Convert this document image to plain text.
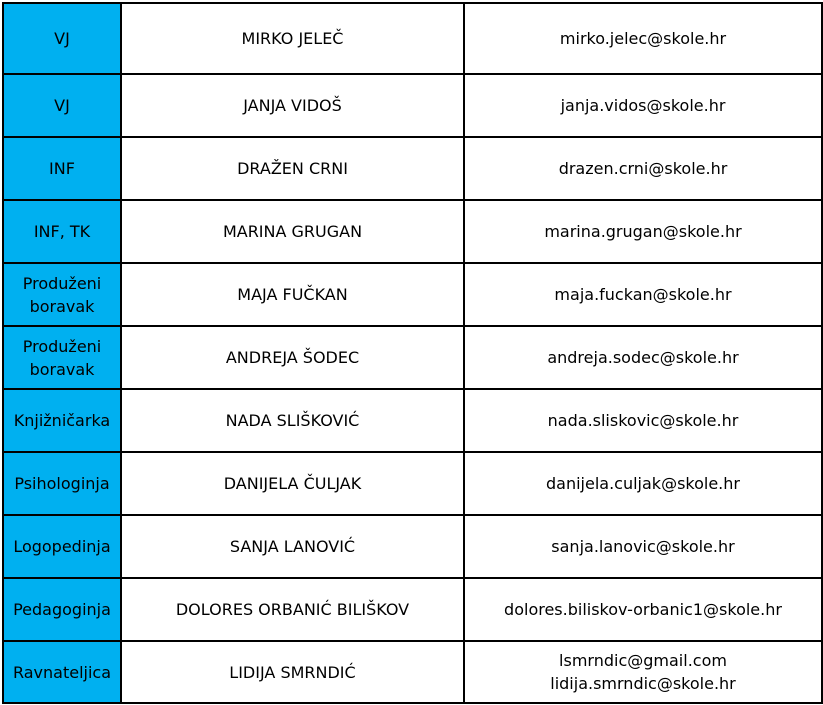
VJ	MIRKO JELEČ	mirko.jelec@skole.hr

VJ	JANJA VIDOŠ	janja.vidos@skole.hr

INF	DRAŽEN CRNI	drazen.crni@skole.hr

INF, TK	MARINA GRUGAN	marina.grugan@skole.hr

Produženi boravak	MAJA FUČKAN	maja.fuckan@skole.hr

Produženi boravak	ANDREJA ŠODEC	andreja.sodec@skole.hr

Knjižničarka	NADA SLIŠKOVIĆ	nada.sliskovic@skole.hr

Psihologinja	DANIJELA ČULJAK	danijela.culjak@skole.hr

Logopedinja	SANJA LANOVIĆ	sanja.lanovic@skole.hr

Pedagoginja	DOLORES ORBANIĆ BILIŠKOV	dolores.biliskov-orbanic1@skole.hr

Ravnateljica	LIDIJA SMRNDIĆ	lsmrndic@gmail.com
lidija.smrndic@skole.hr
